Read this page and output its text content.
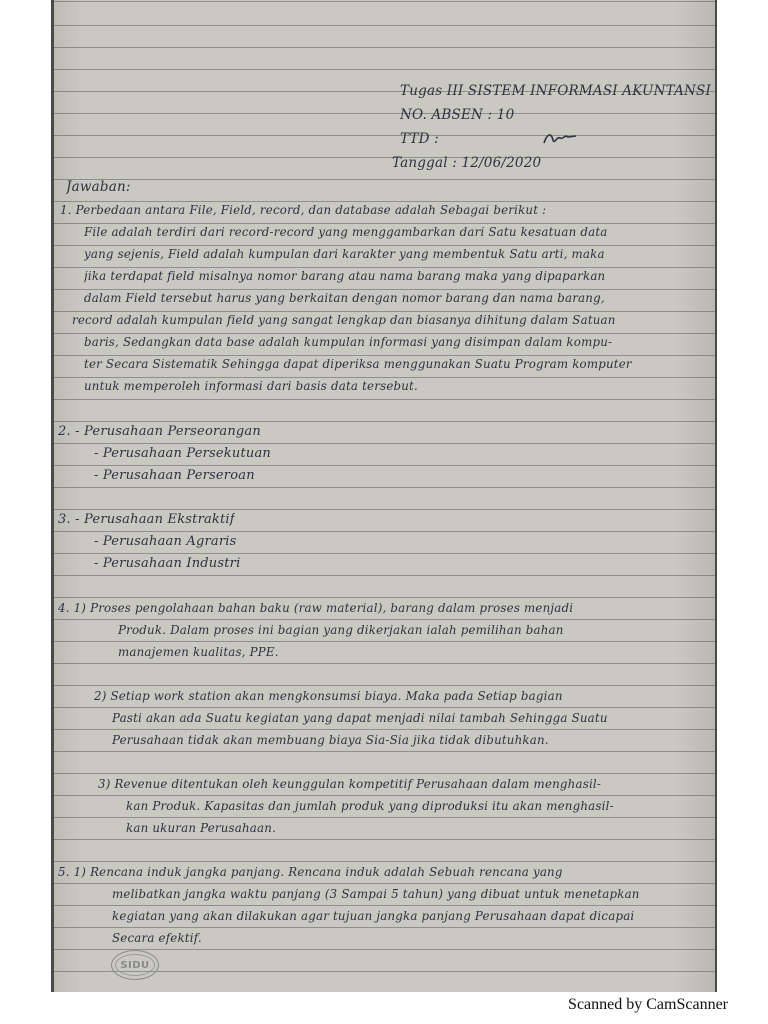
Tugas III SISTEM INFORMASI AKUNTANSI

NO. ABSEN : 10

TTD :

Tanggal : 12/06/2020

Jawaban:

1. Perbedaan antara File, Field, record, dan database adalah Sebagai berikut :

File adalah terdiri dari record-record yang menggambarkan dari Satu kesatuan data

yang sejenis, Field adalah kumpulan dari karakter yang membentuk Satu arti, maka

jika terdapat field misalnya nomor barang atau nama barang maka yang dipaparkan

dalam Field tersebut harus yang berkaitan dengan nomor barang dan nama barang,

record adalah kumpulan field yang sangat lengkap dan biasanya dihitung dalam Satuan

baris, Sedangkan data base adalah kumpulan informasi yang disimpan dalam kompu-

ter Secara Sistematik Sehingga dapat diperiksa menggunakan Suatu Program komputer

untuk memperoleh informasi dari basis data tersebut.

2. - Perusahaan Perseorangan

- Perusahaan Persekutuan

- Perusahaan Perseroan

3. - Perusahaan Ekstraktif

- Perusahaan Agraris

- Perusahaan Industri

4. 1) Proses pengolahaan bahan baku (raw material), barang dalam proses menjadi

Produk. Dalam proses ini bagian yang dikerjakan ialah pemilihan bahan

manajemen kualitas, PPE.

2) Setiap work station akan mengkonsumsi biaya. Maka pada Setiap bagian

Pasti akan ada Suatu kegiatan yang dapat menjadi nilai tambah Sehingga Suatu

Perusahaan tidak akan membuang biaya Sia-Sia jika tidak dibutuhkan.

3) Revenue ditentukan oleh keunggulan kompetitif Perusahaan dalam menghasil-

kan Produk. Kapasitas dan jumlah produk yang diproduksi itu akan menghasil-

kan ukuran Perusahaan.

5. 1) Rencana induk jangka panjang. Rencana induk adalah Sebuah rencana yang

melibatkan jangka waktu panjang (3 Sampai 5 tahun) yang dibuat untuk menetapkan

kegiatan yang akan dilakukan agar tujuan jangka panjang Perusahaan dapat dicapai

Secara efektif.

SIDU
Scanned by CamScanner
